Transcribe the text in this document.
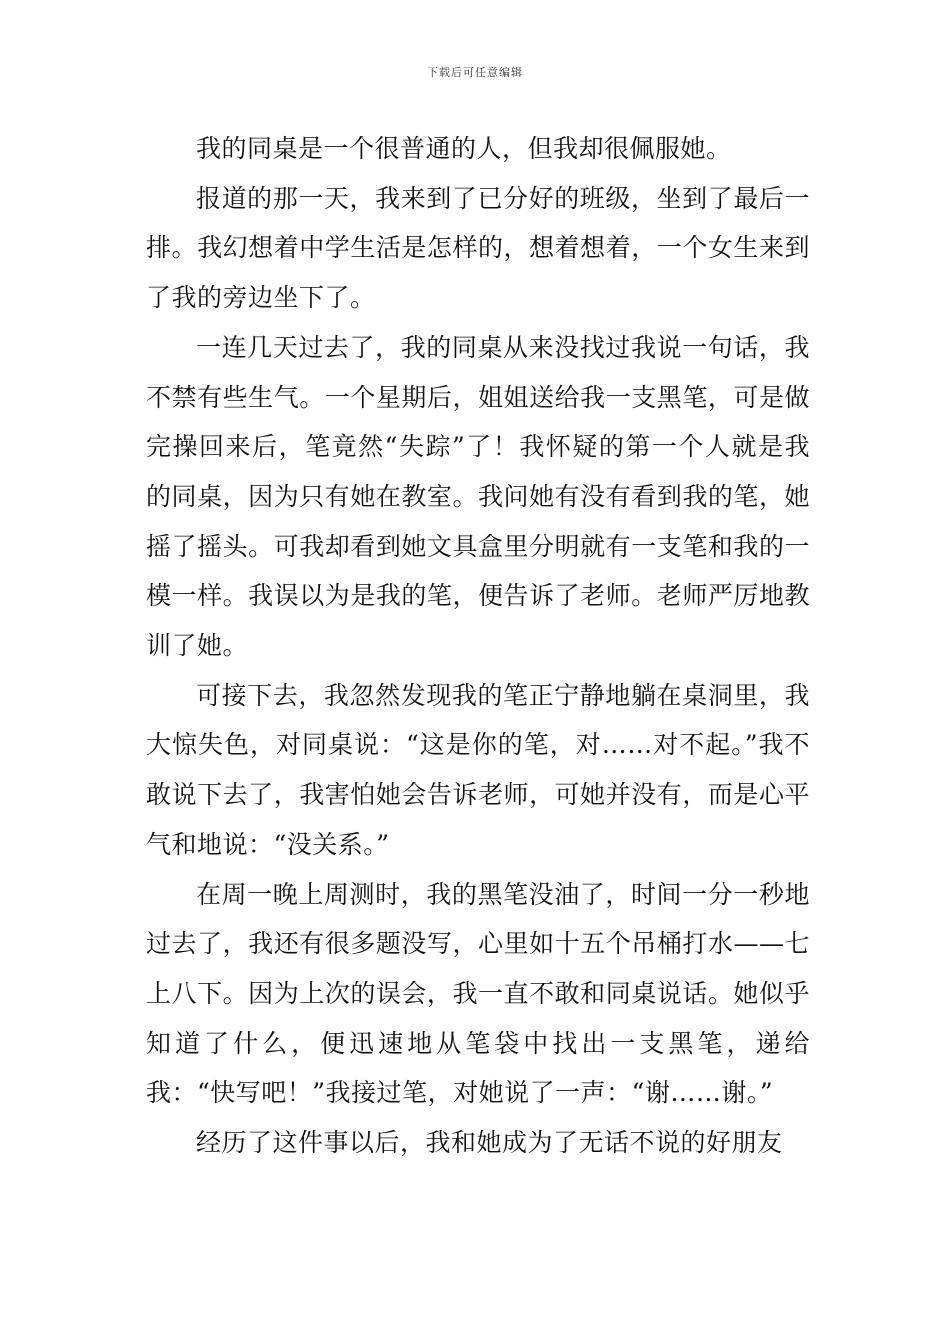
下载后可任意编辑

我的同桌是一个很普通的人，但我却很佩服她。

报道的那一天，我来到了已分好的班级，坐到了最后一排。我幻想着中学生活是怎样的，想着想着，一个女生来到了我的旁边坐下了。

一连几天过去了，我的同桌从来没找过我说一句话，我不禁有些生气。一个星期后，姐姐送给我一支黑笔，可是做完操回来后，笔竟然“失踪”了！我怀疑的第一个人就是我的同桌，因为只有她在教室。我问她有没有看到我的笔，她摇了摇头。可我却看到她文具盒里分明就有一支笔和我的一模一样。我误以为是我的笔，便告诉了老师。老师严厉地教训了她。

可接下去，我忽然发现我的笔正宁静地躺在桌洞里，我大惊失色，对同桌说：“这是你的笔，对……对不起。”我不敢说下去了，我害怕她会告诉老师，可她并没有，而是心平气和地说：“没关系。”

在周一晚上周测时，我的黑笔没油了，时间一分一秒地过去了，我还有很多题没写，心里如十五个吊桶打水——七上八下。因为上次的误会，我一直不敢和同桌说话。她似乎知道了什么，便迅速地从笔袋中找出一支黑笔，递给我：“快写吧！”我接过笔，对她说了一声：“谢……谢。”

经历了这件事以后，我和她成为了无话不说的好朋友
